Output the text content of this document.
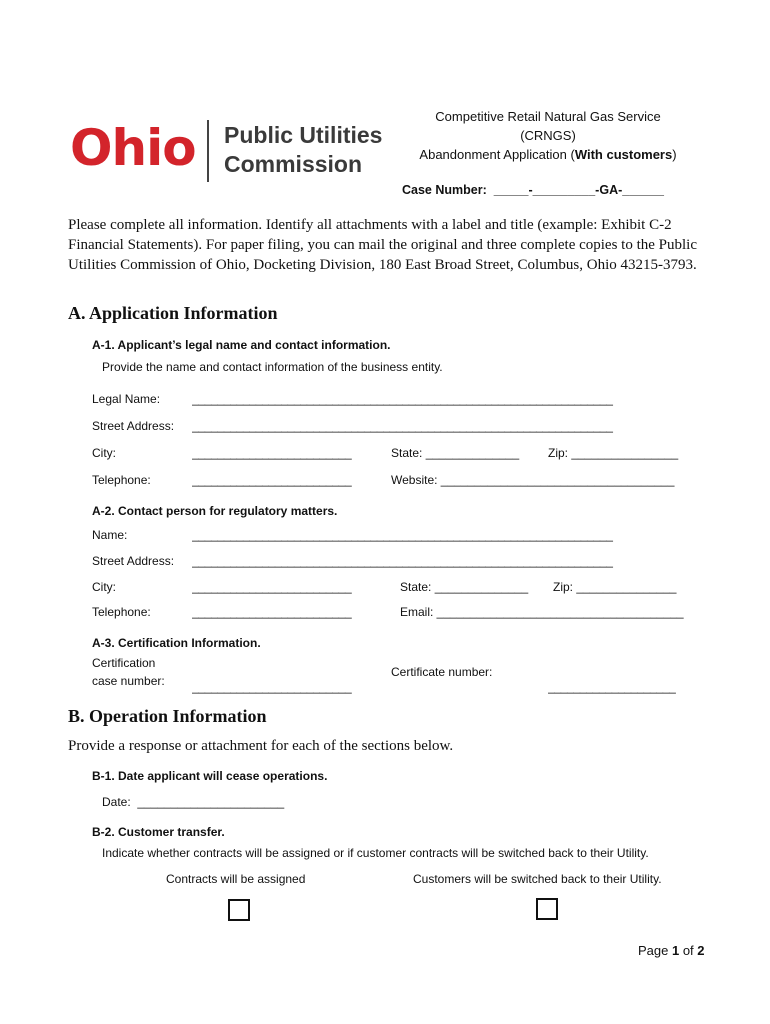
Ohio Public Utilities
Commission
Competitive Retail Natural Gas Service
(CRNGS)
Abandonment Application (With customers)
Case Number:  _____-_________-GA-______
Please complete all information. Identify all attachments with a label and title (example: Exhibit C-2 Financial Statements). For paper filing, you can mail the original and three complete copies to the Public Utilities Commission of Ohio, Docketing Division, 180 East Broad Street, Columbus, Ohio 43215-3793.
A. Application Information
A-1. Applicant’s legal name and contact information.
Provide the name and contact information of the business entity.
Legal Name:	__________________________________________________________________
Street Address: __________________________________________________________________
City:	_________________________	State: ______________ Zip: ________________
Telephone:	_________________________	Website: ___________________________________
A-2. Contact person for regulatory matters.
Name:	__________________________________________________________________
Street Address: __________________________________________________________________
City:	_________________________	State: ______________ Zip: _______________
Telephone:	_________________________	Email: _____________________________________
A-3. Certification Information.
Certification
case number: _________________________
Certificate number:
____________________
B. Operation Information
Provide a response or attachment for each of the sections below.
B-1. Date applicant will cease operations.
Date:  ______________________
B-2. Customer transfer.
Indicate whether contracts will be assigned or if customer contracts will be switched back to their Utility.
Contracts will be assigned	Customers will be switched back to their Utility.
Page 1 of 2
